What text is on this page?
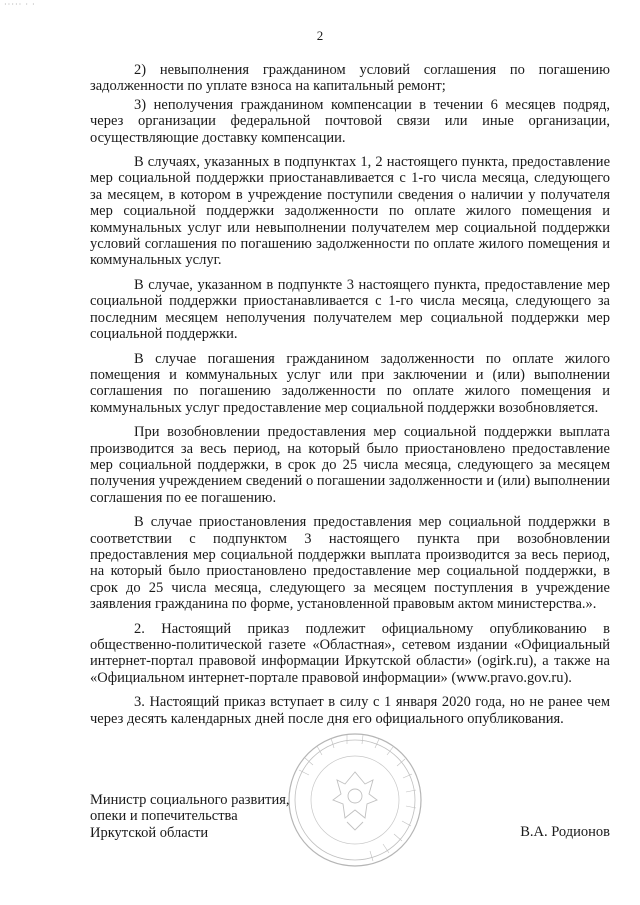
····· · ·
2

2) невыполнения гражданином условий соглашения по погашению задолженности по уплате взноса на капитальный ремонт;

3) неполучения гражданином компенсации в течении 6 месяцев подряд, через организации федеральной почтовой связи или иные организации, осуществляющие доставку компенсации.

В случаях, указанных в подпунктах 1, 2 настоящего пункта, предоставление мер социальной поддержки приостанавливается с 1-го числа месяца, следующего за месяцем, в котором в учреждение поступили сведения о наличии у получателя мер социальной поддержки задолженности по оплате жилого помещения и коммунальных услуг или невыполнении получателем мер социальной поддержки условий соглашения по погашению задолженности по оплате жилого помещения и коммунальных услуг.

В случае, указанном в подпункте 3 настоящего пункта, предоставление мер социальной поддержки приостанавливается с 1-го числа месяца, следующего за последним месяцем неполучения получателем мер социальной поддержки мер социальной поддержки.

В случае погашения гражданином задолженности по оплате жилого помещения и коммунальных услуг или при заключении и (или) выполнении соглашения по погашению задолженности по оплате жилого помещения и коммунальных услуг предоставление мер социальной поддержки возобновляется.

При возобновлении предоставления мер социальной поддержки выплата производится за весь период, на который было приостановлено предоставление мер социальной поддержки, в срок до 25 числа месяца, следующего за месяцем получения учреждением сведений о погашении задолженности и (или) выполнении соглашения по ее погашению.

В случае приостановления предоставления мер социальной поддержки в соответствии с подпунктом 3 настоящего пункта при возобновлении предоставления мер социальной поддержки выплата производится за весь период, на который было приостановлено предоставление мер социальной поддержки, в срок до 25 числа месяца, следующего за месяцем поступления в учреждение заявления гражданина по форме, установленной правовым актом министерства.».

2. Настоящий приказ подлежит официальному опубликованию в общественно-политической газете «Областная», сетевом издании «Официальный интернет-портал правовой информации Иркутской области» (ogirk.ru), а также на «Официальном интернет-портале правовой информации» (www.pravo.gov.ru).

3. Настоящий приказ вступает в силу с 1 января 2020 года, но не ранее чем через десять календарных дней после дня его официального опубликования.

Министр социального развития,
опеки и попечительства
Иркутской области	В.А. Родионов
